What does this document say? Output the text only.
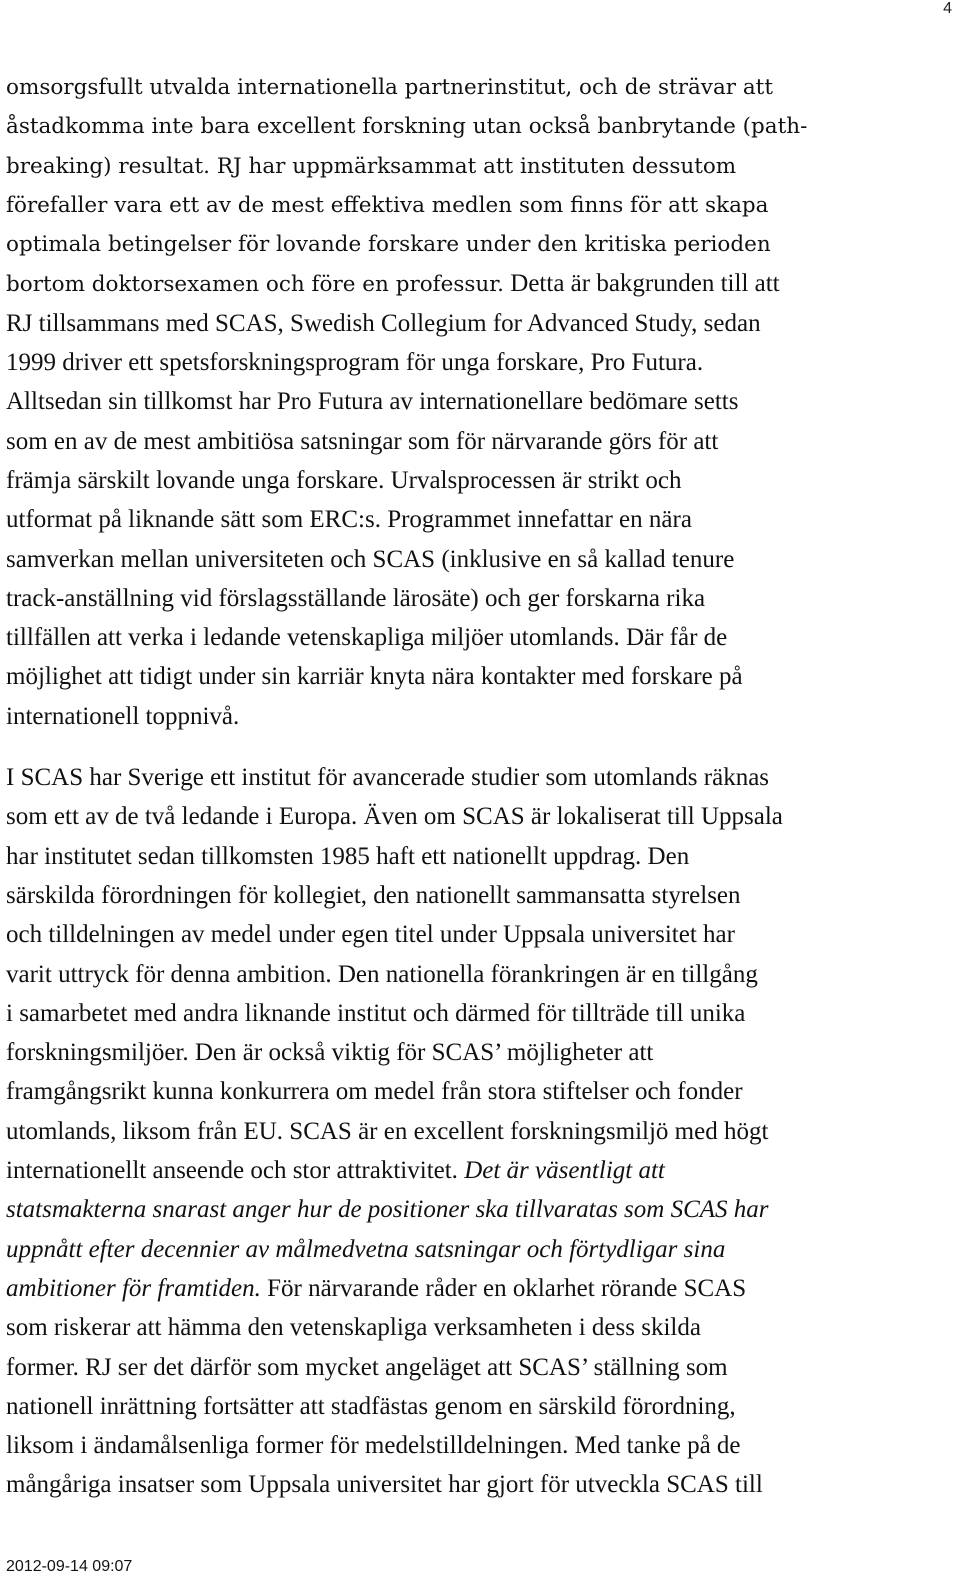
4
omsorgsfullt utvalda internationella partnerinstitut, och de strävar att
åstadkomma inte bara excellent forskning utan också banbrytande (path-
breaking) resultat. RJ har uppmärksammat att instituten dessutom
förefaller vara ett av de mest effektiva medlen som finns för att skapa
optimala betingelser för lovande forskare under den kritiska perioden
bortom doktorsexamen och före en professur. Detta är bakgrunden till att
RJ tillsammans med SCAS, Swedish Collegium for Advanced Study, sedan
1999 driver ett spetsforskningsprogram för unga forskare, Pro Futura.
Alltsedan sin tillkomst har Pro Futura av internationellare bedömare setts
som en av de mest ambitiösa satsningar som för närvarande görs för att
främja särskilt lovande unga forskare. Urvalsprocessen är strikt och
utformat på liknande sätt som ERC:s. Programmet innefattar en nära
samverkan mellan universiteten och SCAS (inklusive en så kallad tenure
track-anställning vid förslagsställande lärosäte) och ger forskarna rika
tillfällen att verka i ledande vetenskapliga miljöer utomlands. Där får de
möjlighet att tidigt under sin karriär knyta nära kontakter med forskare på
internationell toppnivå.
I SCAS har Sverige ett institut för avancerade studier som utomlands räknas
som ett av de två ledande i Europa. Även om SCAS är lokaliserat till Uppsala
har institutet sedan tillkomsten 1985 haft ett nationellt uppdrag. Den
särskilda förordningen för kollegiet, den nationellt sammansatta styrelsen
och tilldelningen av medel under egen titel under Uppsala universitet har
varit uttryck för denna ambition. Den nationella förankringen är en tillgång
i samarbetet med andra liknande institut och därmed för tillträde till unika
forskningsmiljöer. Den är också viktig för SCAS’ möjligheter att
framgångsrikt kunna konkurrera om medel från stora stiftelser och fonder
utomlands, liksom från EU. SCAS är en excellent forskningsmiljö med högt
internationellt anseende och stor attraktivitet. Det är väsentligt att
statsmakterna snarast anger hur de positioner ska tillvaratas som SCAS har
uppnått efter decennier av målmedvetna satsningar och förtydligar sina
ambitioner för framtiden. För närvarande råder en oklarhet rörande SCAS
som riskerar att hämma den vetenskapliga verksamheten i dess skilda
former. RJ ser det därför som mycket angeläget att SCAS’ ställning som
nationell inrättning fortsätter att stadfästas genom en särskild förordning,
liksom i ändamålsenliga former för medelstilldelningen. Med tanke på de
mångåriga insatser som Uppsala universitet har gjort för utveckla SCAS till
2012-09-14 09:07
